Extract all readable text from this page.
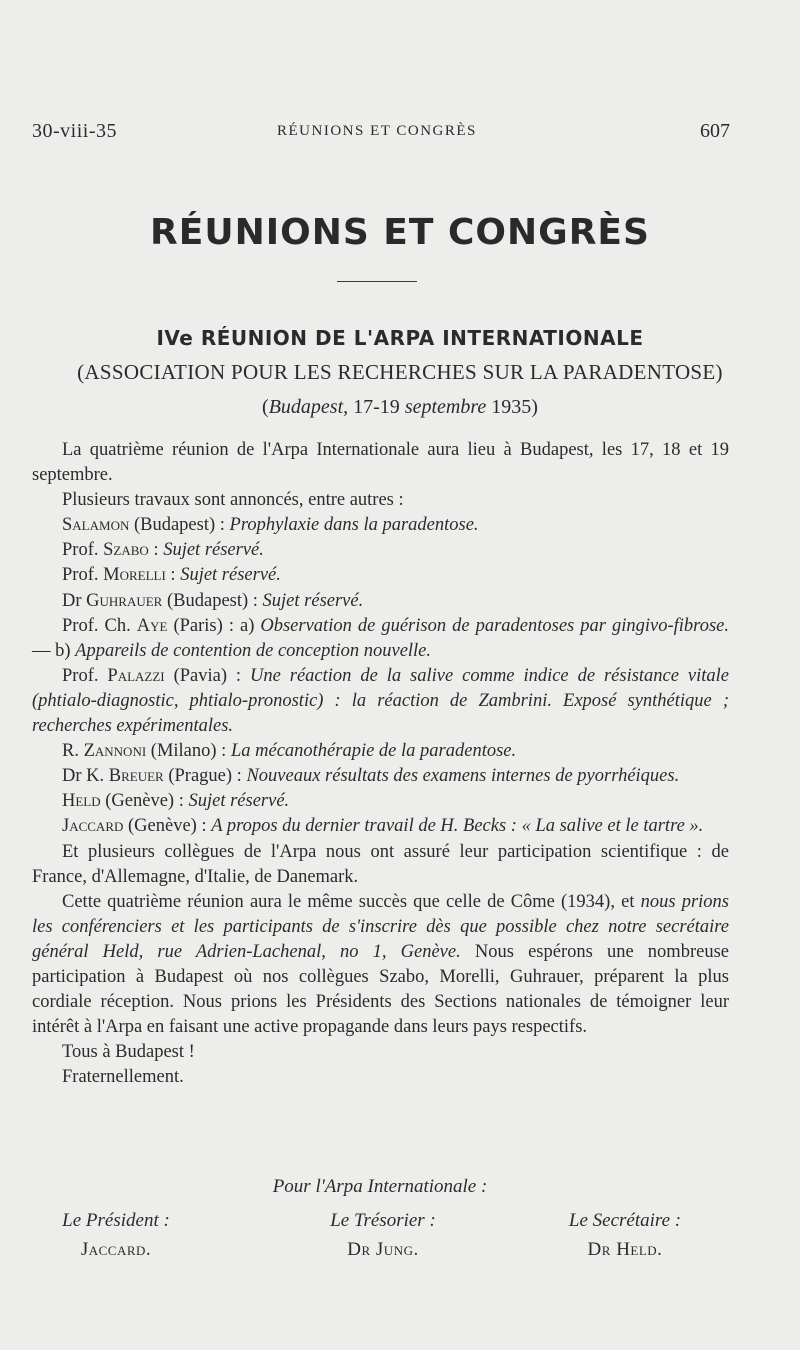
30-viii-35	RÉUNIONS ET CONGRÈS	607
RÉUNIONS ET CONGRÈS
IVe RÉUNION DE L'ARPA INTERNATIONALE
(ASSOCIATION POUR LES RECHERCHES SUR LA PARADENTOSE)
(Budapest, 17-19 septembre 1935)

La quatrième réunion de l'Arpa Internationale aura lieu à Budapest, les 17, 18 et 19 septembre.

Plusieurs travaux sont annoncés, entre autres :

Salamon (Budapest) : Prophylaxie dans la paradentose.

Prof. Szabo : Sujet réservé.

Prof. Morelli : Sujet réservé.

Dr Guhrauer (Budapest) : Sujet réservé.

Prof. Ch. Aye (Paris) : a) Observation de guérison de paradentoses par gingivo-fibrose. — b) Appareils de contention de conception nouvelle.

Prof. Palazzi (Pavia) : Une réaction de la salive comme indice de résistance vitale (phtialo-diagnostic, phtialo-pronostic) : la réaction de Zambrini. Exposé synthétique ; recherches expérimentales.

R. Zannoni (Milano) : La mécanothérapie de la paradentose.

Dr K. Breuer (Prague) : Nouveaux résultats des examens internes de pyorrhéiques.

Held (Genève) : Sujet réservé.

Jaccard (Genève) : A propos du dernier travail de H. Becks : « La salive et le tartre ».

Et plusieurs collègues de l'Arpa nous ont assuré leur participation scientifique : de France, d'Allemagne, d'Italie, de Danemark.

Cette quatrième réunion aura le même succès que celle de Côme (1934), et nous prions les conférenciers et les participants de s'inscrire dès que possible chez notre secrétaire général Held, rue Adrien-Lachenal, no 1, Genève. Nous espérons une nombreuse participation à Budapest où nos collègues Szabo, Morelli, Guhrauer, préparent la plus cordiale réception. Nous prions les Présidents des Sections nationales de témoigner leur intérêt à l'Arpa en faisant une active propagande dans leurs pays respectifs.

Tous à Budapest !

Fraternellement.

Pour l'Arpa Internationale :
Le Président :
Jaccard.
Le Trésorier :
Dr Jung.
Le Secrétaire :
Dr Held.
